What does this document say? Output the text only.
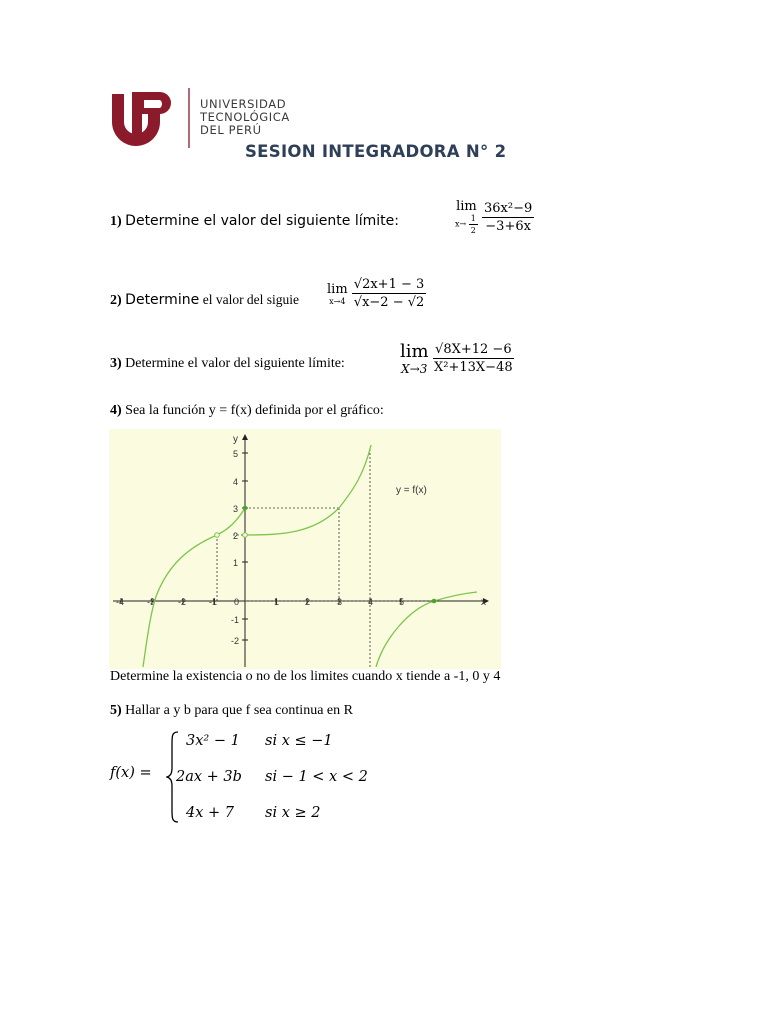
UNIVERSIDAD
TECNOLÓGICA
DEL PERÚ
SESION INTEGRADORA N° 2
1) Determine el valor del siguiente límite:
lim
$x\to \frac{1}{2}$
$\frac{\text{36x²−9}}{-3+6x}$
2) Determine el valor del siguie
lim
x→4
$\frac{√2x+1 - 3}{√x-2 - √2}$
3) Determine el valor del siguiente límite:
lim
X→3
$\frac{√8X+12 -6}{\text{X²+13X−48}}$
4) Sea la función y = f(x) definida por el gráfico:
x
y
-4	-3	-2	-1 0	1	2	3	4	5
5
4
3
2
1
-1
-2
y = f(x)
Determine la existencia o no de los limites cuando x tiende a -1, 0 y 4
5) Hallar a y b para que f sea continua en R
f(x) =
3x² − 1 si x ≤ −1
2ax + 3b si − 1 < x < 2
4x + 7 si x ≥ 2
